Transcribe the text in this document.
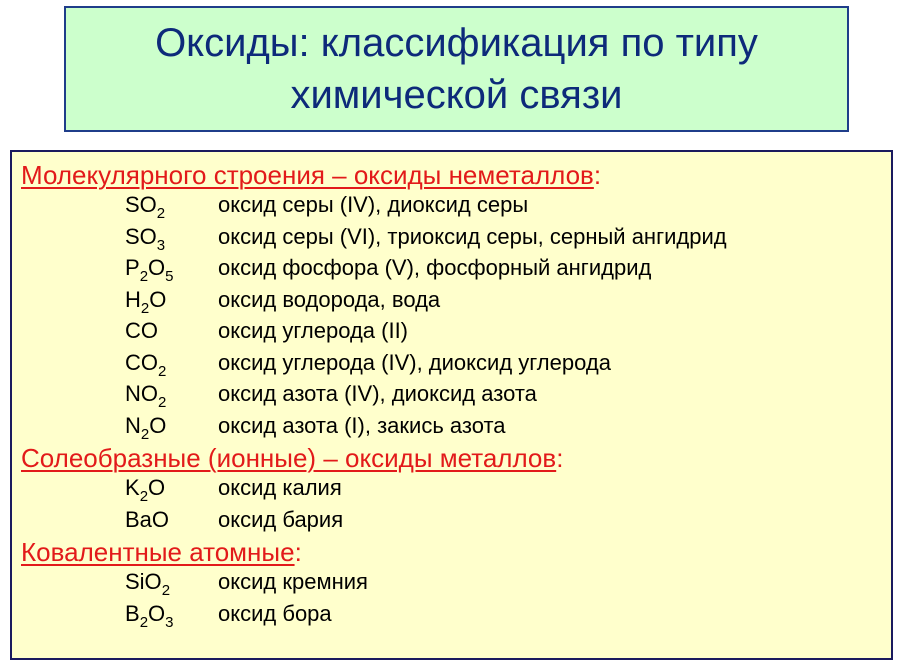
Оксиды: классификация по типу
химической связи
Молекулярного строения – оксиды неметаллов:
$SO_2$	оксид серы (IV), диоксид серы
$SO_3$	оксид серы (VI), триоксид серы, серный ангидрид
$P_2O_5$	оксид фосфора (V), фосфорный ангидрид
$H_2O$	оксид водорода, вода
CO	оксид углерода (II)
$CO_2$	оксид углерода (IV), диоксид углерода
$NO_2$	оксид азота (IV), диоксид азота
$N_2O$	оксид азота (I), закись азота
Солеобразные (ионные) – оксиды металлов:
$K_2O$	оксид калия
BaO	оксид бария
Ковалентные атомные:
SiO$_2$	оксид кремния
$B_2O_3$	оксид бора
